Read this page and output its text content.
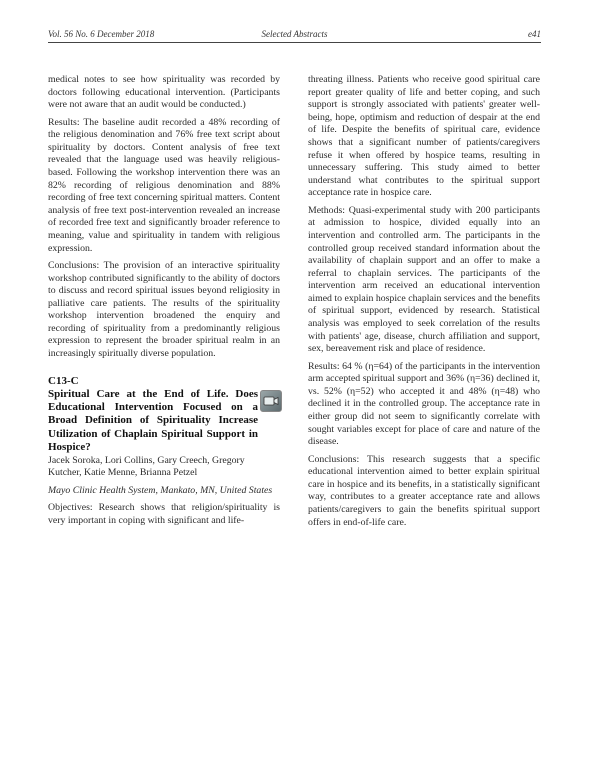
Vol. 56 No. 6 December 2018	Selected Abstracts	e41

medical notes to see how spirituality was recorded by doctors following educational intervention. (Participants were not aware that an audit would be conducted.)

Results: The baseline audit recorded a 48% recording of the religious denomination and 76% free text script about spirituality by doctors. Content analysis of free text revealed that the language used was heavily religious-based. Following the workshop intervention there was an 82% recording of religious denomination and 88% recording of free text concerning spiritual matters. Content analysis of free text post-intervention revealed an increase of recorded free text and significantly broader reference to meaning, value and spirituality in tandem with religious expression.

Conclusions: The provision of an interactive spirituality workshop contributed significantly to the ability of doctors to discuss and record spiritual issues beyond religiosity in palliative care patients. The results of the spirituality workshop intervention broadened the enquiry and recording of spirituality from a predominantly religious expression to represent the broader spiritual realm in an increasingly spiritually diverse population.

C13-C
Spiritual Care at the End of Life. Does Educational Intervention Focused on a Broad Definition of Spirituality Increase Utilization of Chaplain Spiritual Support in Hospice?

Jacek Soroka, Lori Collins, Gary Creech, Gregory Kutcher, Katie Menne, Brianna Petzel

Mayo Clinic Health System, Mankato, MN, United States

Objectives: Research shows that religion/spirituality is very important in coping with significant and life-

threating illness. Patients who receive good spiritual care report greater quality of life and better coping, and such support is strongly associated with patients' greater well-being, hope, optimism and reduction of despair at the end of life. Despite the benefits of spiritual care, evidence shows that a significant number of patients/caregivers refuse it when offered by hospice teams, resulting in unnecessary suffering. This study aimed to better understand what contributes to the spiritual support acceptance rate in hospice care.

Methods: Quasi-experimental study with 200 participants at admission to hospice, divided equally into an intervention and controlled arm. The participants in the controlled group received standard information about the availability of chaplain support and an offer to make a referral to chaplain services. The participants of the intervention arm received an educational intervention aimed to explain hospice chaplain services and the benefits of spiritual support, evidenced by research. Statistical analysis was employed to seek correlation of the results with patients' age, disease, church affiliation and support, sex, bereavement risk and place of residence.

Results: 64 % (η=64) of the participants in the intervention arm accepted spiritual support and 36% (η=36) declined it, vs. 52% (η=52) who accepted it and 48% (η=48) who declined it in the controlled group. The acceptance rate in either group did not seem to significantly correlate with sought variables except for place of care and nature of the disease.

Conclusions: This research suggests that a specific educational intervention aimed to better explain spiritual care in hospice and its benefits, in a statistically significant way, contributes to a greater acceptance rate and allows patients/caregivers to gain the benefits spiritual support offers in end-of-life care.
